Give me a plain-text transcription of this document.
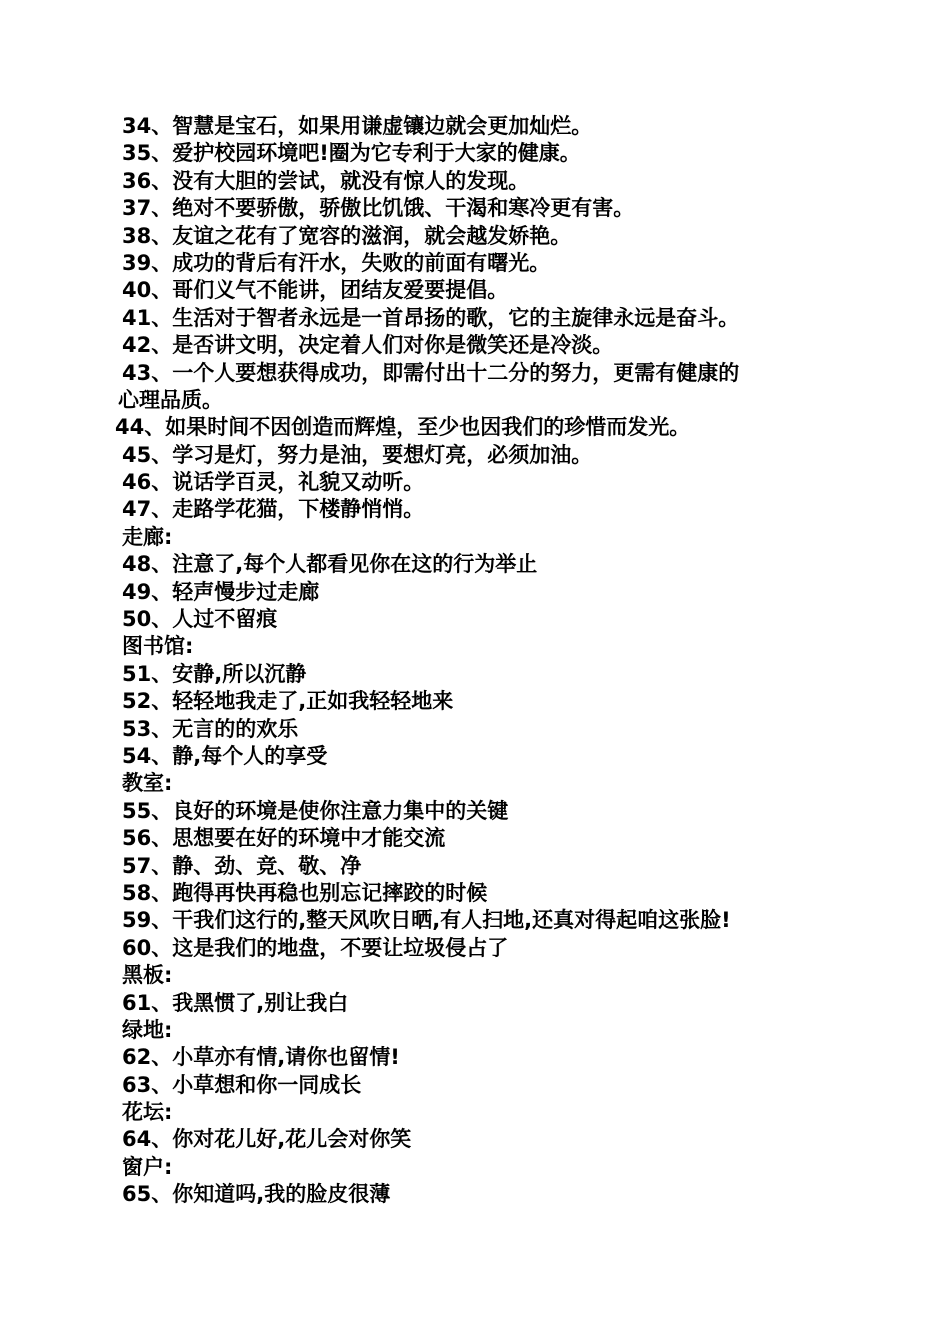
34、智慧是宝石，如果用谦虚镶边就会更加灿烂。

35、爱护校园环境吧!圈为它专利于大家的健康。

36、没有大胆的尝试，就没有惊人的发现。

37、绝对不要骄傲，骄傲比饥饿、干渴和寒冷更有害。

38、友谊之花有了宽容的滋润，就会越发娇艳。

39、成功的背后有汗水，失败的前面有曙光。

40、哥们义气不能讲，团结友爱要提倡。

41、生活对于智者永远是一首昂扬的歌，它的主旋律永远是奋斗。

42、是否讲文明，决定着人们对你是微笑还是冷淡。

43、一个人要想获得成功，即需付出十二分的努力，更需有健康的

心理品质。

44、如果时间不因创造而辉煌，至少也因我们的珍惜而发光。

45、学习是灯，努力是油，要想灯亮，必须加油。

46、说话学百灵，礼貌又动听。

47、走路学花猫，下楼静悄悄。

走廊:

48、注意了,每个人都看见你在这的行为举止

49、轻声慢步过走廊

50、人过不留痕

图书馆:

51、安静,所以沉静

52、轻轻地我走了,正如我轻轻地来

53、无言的的欢乐

54、静,每个人的享受

教室:

55、良好的环境是使你注意力集中的关键

56、思想要在好的环境中才能交流

57、静、劲、竞、敬、净

58、跑得再快再稳也别忘记摔跤的时候

59、干我们这行的,整天风吹日晒,有人扫地,还真对得起咱这张脸!

60、这是我们的地盘，不要让垃圾侵占了

黑板:

61、我黑惯了,别让我白

绿地:

62、小草亦有情,请你也留情!

63、小草想和你一同成长

花坛:

64、你对花儿好,花儿会对你笑

窗户:

65、你知道吗,我的脸皮很薄
